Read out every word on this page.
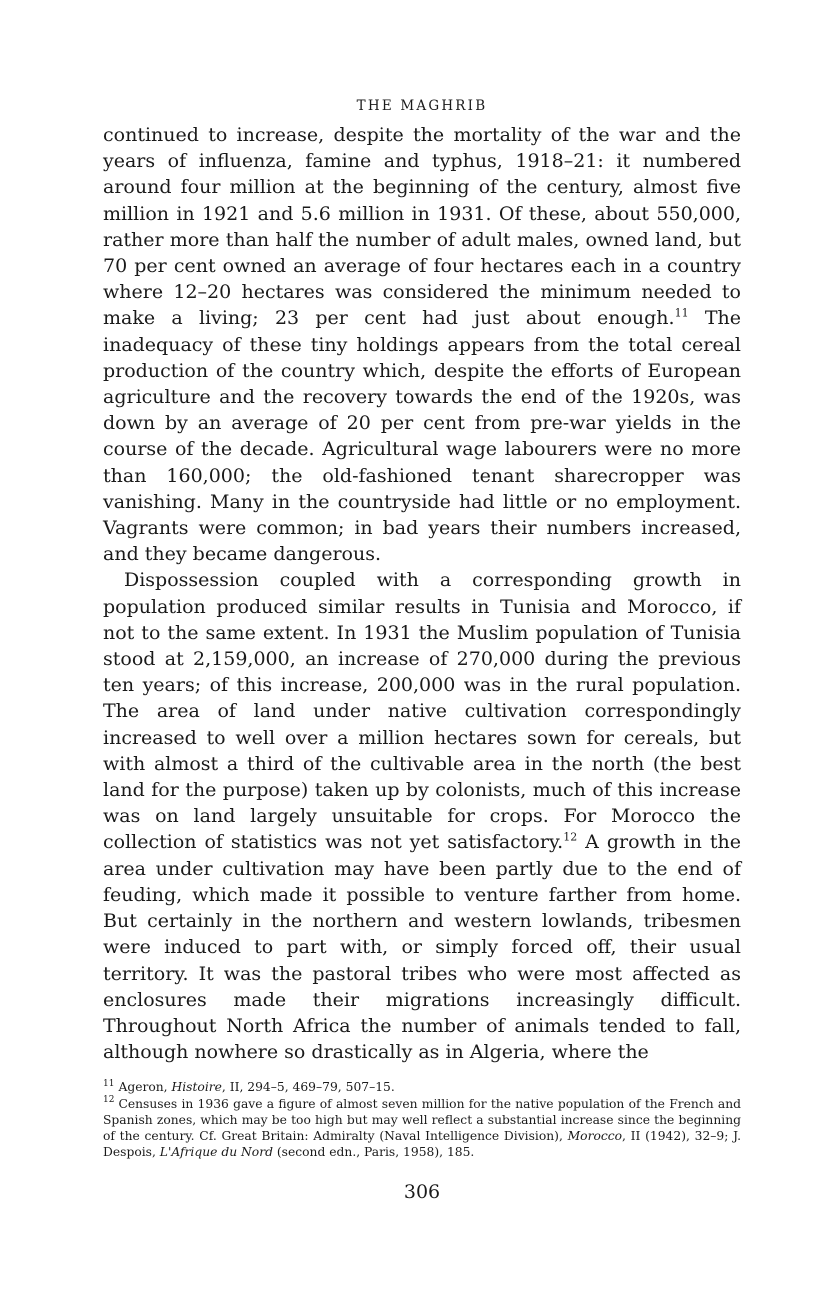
THE MAGHRIB

continued to increase, despite the mortality of the war and the years of influenza, famine and typhus, 1918–21: it numbered around four million at the beginning of the century, almost five million in 1921 and 5.6 million in 1931. Of these, about 550,000, rather more than half the number of adult males, owned land, but 70 per cent owned an average of four hectares each in a country where 12–20 hectares was considered the minimum needed to make a living; 23 per cent had just about enough.$^{11}$ The inadequacy of these tiny holdings appears from the total cereal production of the country which, despite the efforts of European agriculture and the recovery towards the end of the 1920s, was down by an average of 20 per cent from pre-war yields in the course of the decade. Agricultural wage labourers were no more than 160,000; the old-fashioned tenant sharecropper was vanishing. Many in the countryside had little or no employment. Vagrants were common; in bad years their numbers increased, and they became dangerous.

Dispossession coupled with a corresponding growth in population produced similar results in Tunisia and Morocco, if not to the same extent. In 1931 the Muslim population of Tunisia stood at 2,159,000, an increase of 270,000 during the previous ten years; of this increase, 200,000 was in the rural population. The area of land under native cultivation correspondingly increased to well over a million hectares sown for cereals, but with almost a third of the cultivable area in the north (the best land for the purpose) taken up by colonists, much of this increase was on land largely unsuitable for crops. For Morocco the collection of statistics was not yet satisfactory.$^{12}$ A growth in the area under cultivation may have been partly due to the end of feuding, which made it possible to venture farther from home. But certainly in the northern and western lowlands, tribesmen were induced to part with, or simply forced off, their usual territory. It was the pastoral tribes who were most affected as enclosures made their migrations increasingly difficult. Throughout North Africa the number of animals tended to fall, although nowhere so drastically as in Algeria, where the

$^{11}$ Ageron, Histoire, II, 294–5, 469–79, 507–15.

$^{12}$ Censuses in 1936 gave a figure of almost seven million for the native population of the French and Spanish zones, which may be too high but may well reflect a substantial increase since the beginning of the century. Cf. Great Britain: Admiralty (Naval Intelligence Division), Morocco, II (1942), 32–9; J. Despois, L'Afrique du Nord (second edn., Paris, 1958), 185.

306
